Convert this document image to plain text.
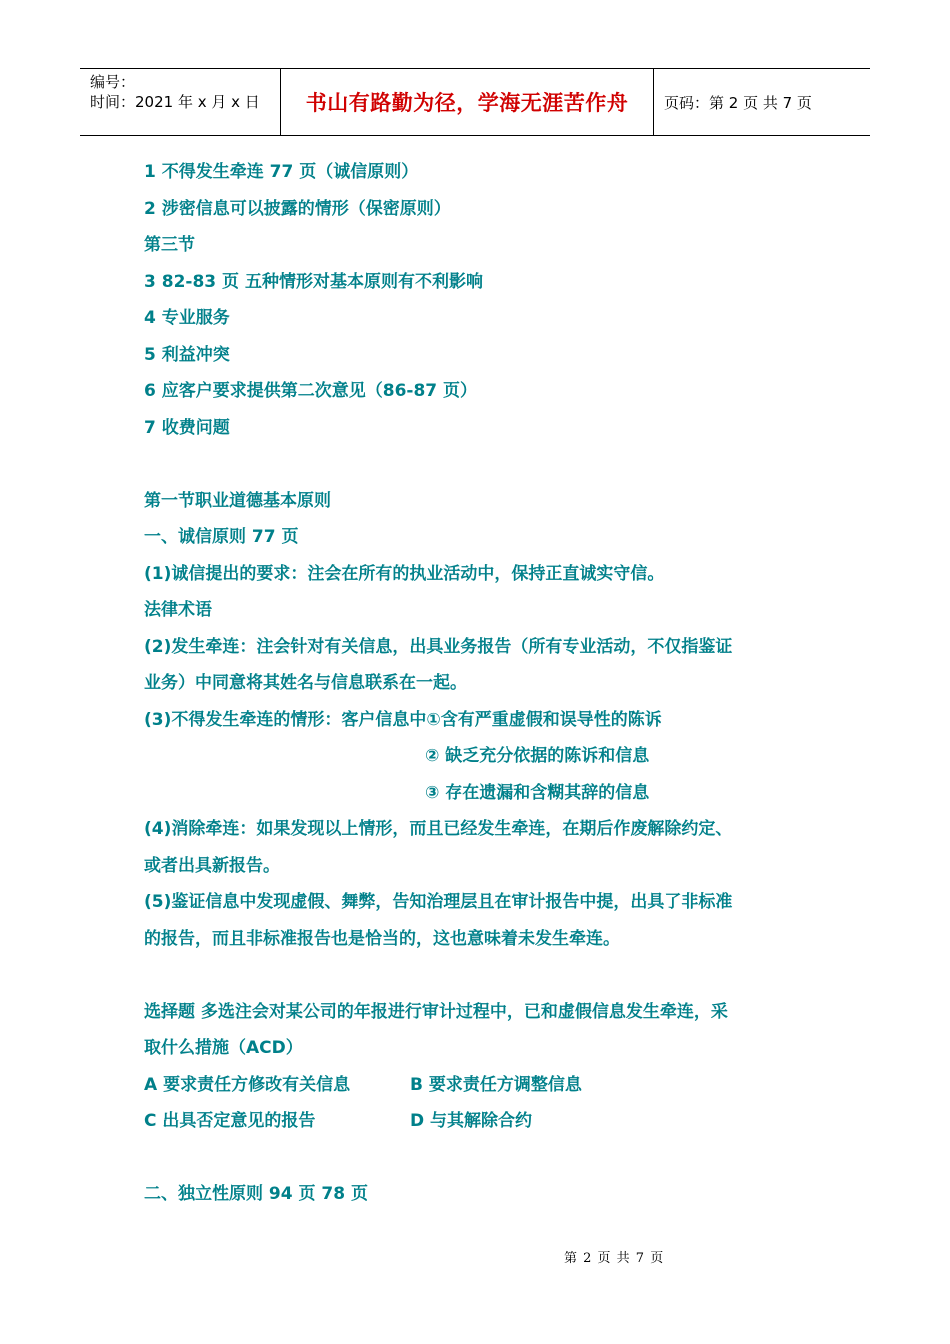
编号：
时间：2021 年 x 月 x 日	书山有路勤为径，学海无涯苦作舟	页码：第 2 页 共 7 页
1 不得发生牵连 77 页（诚信原则）
2 涉密信息可以披露的情形（保密原则）
第三节
3 82-83 页 五种情形对基本原则有不利影响
4 专业服务
5 利益冲突
6 应客户要求提供第二次意见（86-87 页）
7 收费问题
第一节职业道德基本原则
一、诚信原则 77 页
(1)诚信提出的要求：注会在所有的执业活动中，保持正直诚实守信。
法律术语
(2)发生牵连：注会针对有关信息，出具业务报告（所有专业活动，不仅指鉴证
业务）中同意将其姓名与信息联系在一起。
(3)不得发生牵连的情形：客户信息中①含有严重虚假和误导性的陈诉
② 缺乏充分依据的陈诉和信息
③ 存在遗漏和含糊其辞的信息
(4)消除牵连：如果发现以上情形，而且已经发生牵连，在期后作废解除约定、
或者出具新报告。
(5)鉴证信息中发现虚假、舞弊，告知治理层且在审计报告中提，出具了非标准
的报告，而且非标准报告也是恰当的，这也意味着未发生牵连。
选择题 多选注会对某公司的年报进行审计过程中，已和虚假信息发生牵连，采
取什么措施（ACD）
A 要求责任方修改有关信息	B 要求责任方调整信息
C 出具否定意见的报告	D 与其解除合约
二、独立性原则 94 页 78 页
第 2 页 共 7 页
